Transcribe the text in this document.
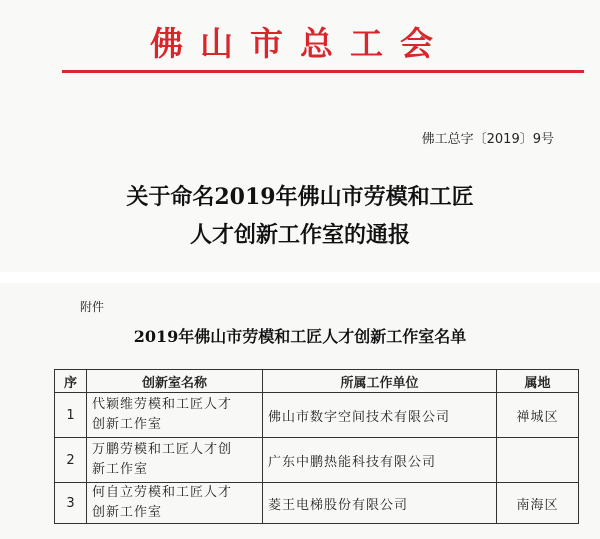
佛山市总工会
佛工总字〔2019〕9号
关于命名2019年佛山市劳模和工匠
人才创新工作室的通报
附件
2019年佛山市劳模和工匠人才创新工作室名单
序	创新室名称	所属工作单位	属地
1	代颖维劳模和工匠人才
创新工作室	佛山市数字空间技术有限公司	禅城区
2	万鹏劳模和工匠人才创
新工作室	广东中鹏热能科技有限公司	
3	何自立劳模和工匠人才
创新工作室	菱王电梯股份有限公司	南海区
